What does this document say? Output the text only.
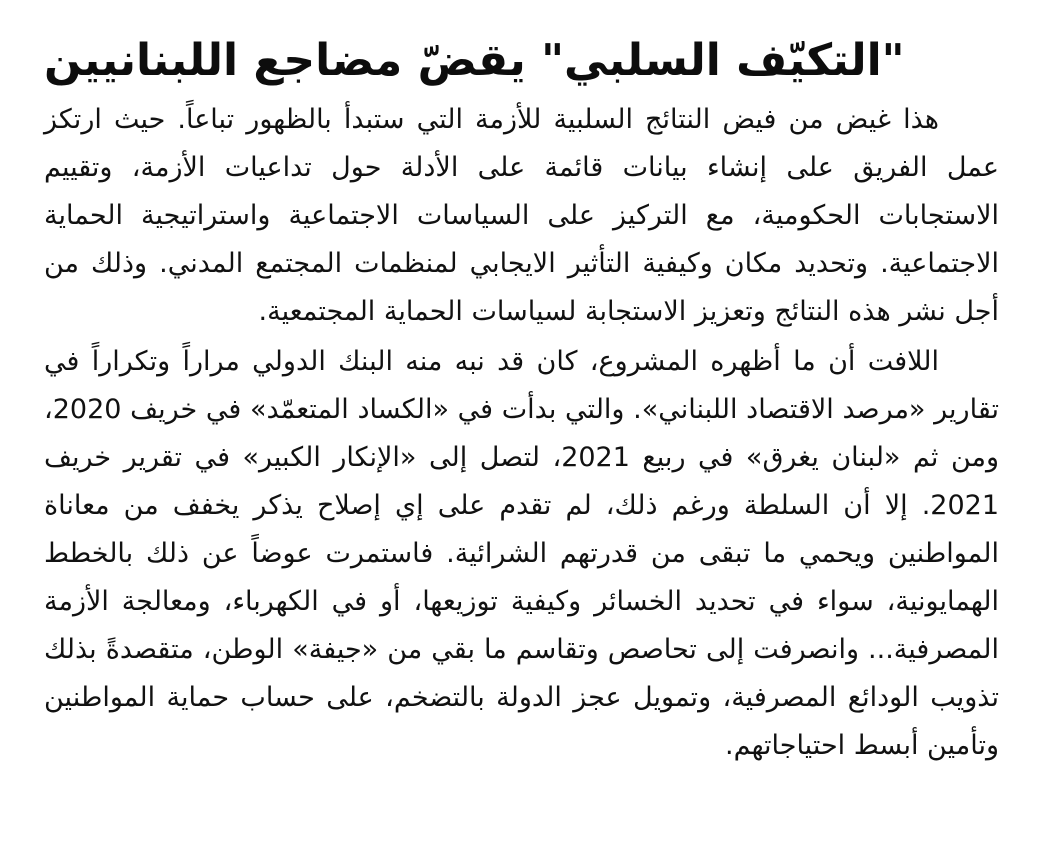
"التكيّف السلبي" يقضّ مضاجع اللبنانيين

هذا غيض من فيض النتائج السلبية للأزمة التي ستبدأ بالظهور تباعاً. حيث ارتكز عمل الفريق على إنشاء بيانات قائمة على الأدلة حول تداعيات الأزمة، وتقييم الاستجابات الحكومية، مع التركيز على السياسات الاجتماعية واستراتيجية الحماية الاجتماعية. وتحديد مكان وكيفية التأثير الايجابي لمنظمات المجتمع المدني. وذلك من أجل نشر هذه النتائج وتعزيز الاستجابة لسياسات الحماية المجتمعية.

اللافت أن ما أظهره المشروع، كان قد نبه منه البنك الدولي مراراً وتكراراً في تقارير «مرصد الاقتصاد اللبناني». والتي بدأت في «الكساد المتعمّد» في خريف 2020، ومن ثم «لبنان يغرق» في ربيع 2021، لتصل إلى «الإنكار الكبير» في تقرير خريف 2021. إلا أن السلطة ورغم ذلك، لم تقدم على إي إصلاح يذكر يخفف من معاناة المواطنين ويحمي ما تبقى من قدرتهم الشرائية. فاستمرت عوضاً عن ذلك بالخطط الهمايونية، سواء في تحديد الخسائر وكيفية توزيعها، أو في الكهرباء، ومعالجة الأزمة المصرفية... وانصرفت إلى تحاصص وتقاسم ما بقي من «جيفة» الوطن، متقصدةً بذلك تذويب الودائع المصرفية، وتمويل عجز الدولة بالتضخم، على حساب حماية المواطنين وتأمين أبسط احتياجاتهم.
